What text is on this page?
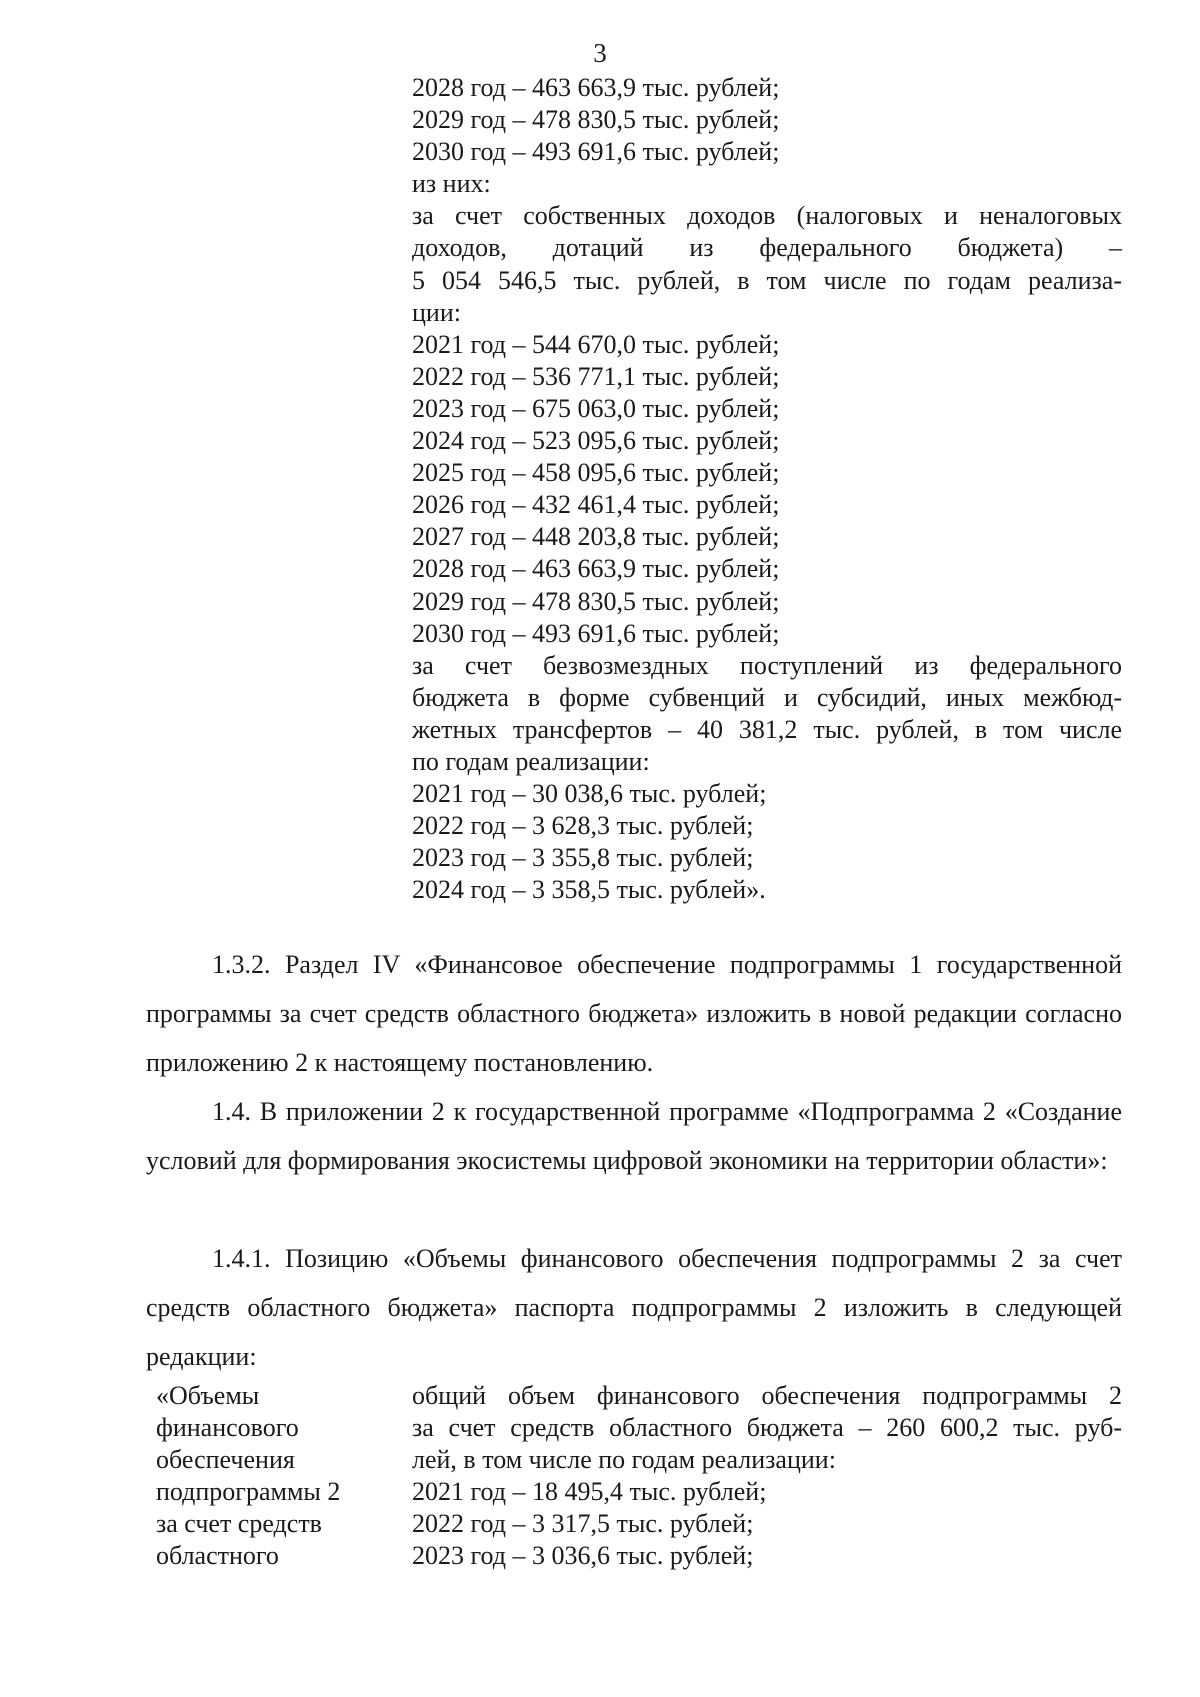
3

2028 год – 463 663,9 тыс. рублей;

2029 год – 478 830,5 тыс. рублей;

2030 год – 493 691,6 тыс. рублей;

из них:

за счет собственных доходов (налоговых и неналоговых

доходов, дотаций из федерального бюджета) –

5 054 546,5 тыс. рублей, в том числе по годам реализа-

ции:

2021 год – 544 670,0 тыс. рублей;

2022 год – 536 771,1 тыс. рублей;

2023 год – 675 063,0 тыс. рублей;

2024 год – 523 095,6 тыс. рублей;

2025 год – 458 095,6 тыс. рублей;

2026 год – 432 461,4 тыс. рублей;

2027 год – 448 203,8 тыс. рублей;

2028 год – 463 663,9 тыс. рублей;

2029 год – 478 830,5 тыс. рублей;

2030 год – 493 691,6 тыс. рублей;

за счет безвозмездных поступлений из федерального

бюджета в форме субвенций и субсидий, иных межбюд-

жетных трансфертов – 40 381,2 тыс. рублей, в том числе

по годам реализации:

2021 год – 30 038,6 тыс. рублей;

2022 год – 3 628,3 тыс. рублей;

2023 год – 3 355,8 тыс. рублей;

2024 год – 3 358,5 тыс. рублей».

1.3.2. Раздел IV «Финансовое обеспечение подпрограммы 1 государственной программы за счет средств областного бюджета» изложить в новой редакции согласно приложению 2 к настоящему постановлению.

1.4. В приложении 2 к государственной программе «Подпрограмма 2 «Создание условий для формирования экосистемы цифровой экономики на территории области»:

1.4.1. Позицию «Объемы финансового обеспечения подпрограммы 2 за счет средств областного бюджета» паспорта подпрограммы 2 изложить в следующей редакции:

«Объемы

финансового

обеспечения

подпрограммы 2

за счет средств

областного

общий объем финансового обеспечения подпрограммы 2

за счет средств областного бюджета – 260 600,2 тыс. руб-

лей, в том числе по годам реализации:

2021 год – 18 495,4 тыс. рублей;

2022 год – 3 317,5 тыс. рублей;

2023 год – 3 036,6 тыс. рублей;
